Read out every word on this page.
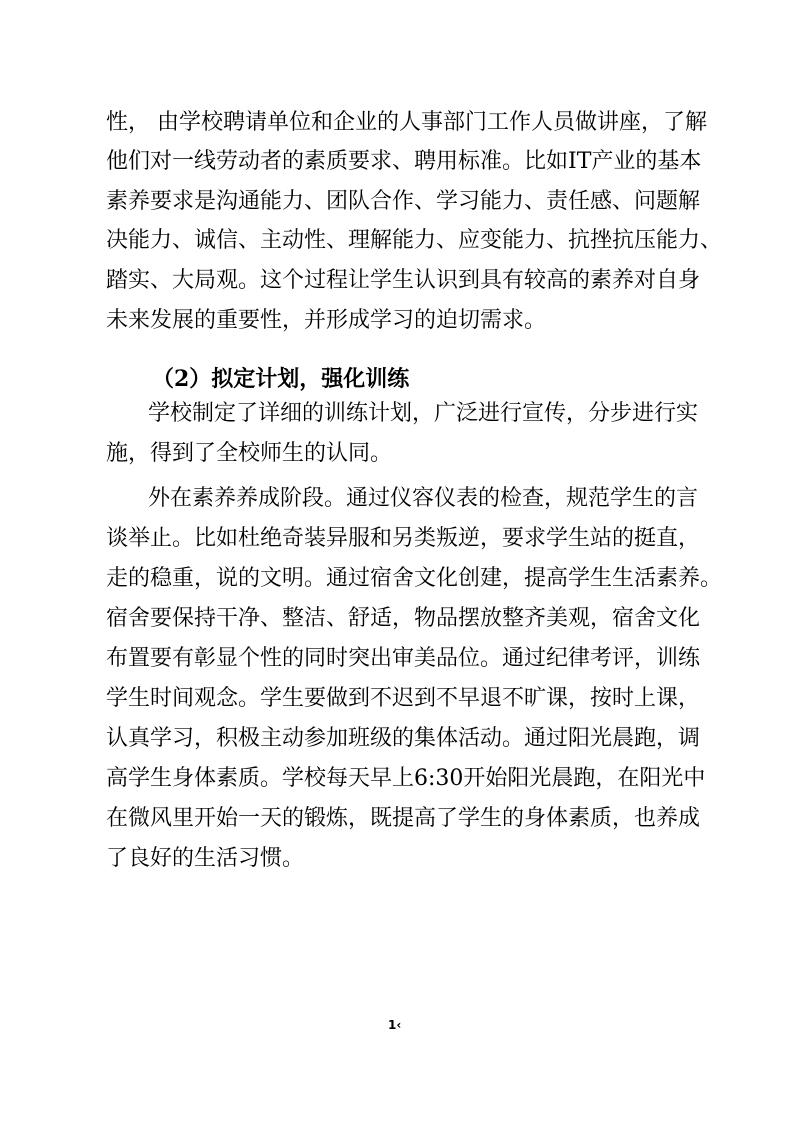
性， 由学校聘请单位和企业的人事部门工作人员做讲座，了解
他们对一线劳动者的素质要求、聘用标准。比如IT产业的基本
素养要求是沟通能力、团队合作、学习能力、责任感、问题解
决能力、诚信、主动性、理解能力、应变能力、抗挫抗压能力、
踏实、大局观。这个过程让学生认识到具有较高的素养对自身
未来发展的重要性，并形成学习的迫切需求。
（2）拟定计划，强化训练
学校制定了详细的训练计划，广泛进行宣传，分步进行实
施，得到了全校师生的认同。
外在素养养成阶段。通过仪容仪表的检查，规范学生的言
谈举止。比如杜绝奇装异服和另类叛逆，要求学生站的挺直，
走的稳重，说的文明。通过宿舍文化创建，提高学生生活素养。
宿舍要保持干净、整洁、舒适，物品摆放整齐美观，宿舍文化
布置要有彰显个性的同时突出审美品位。通过纪律考评，训练
学生时间观念。学生要做到不迟到不早退不旷课，按时上课，
认真学习，积极主动参加班级的集体活动。通过阳光晨跑，调
高学生身体素质。学校每天早上6:30开始阳光晨跑，在阳光中
在微风里开始一天的锻炼，既提高了学生的身体素质，也养成
了良好的生活习惯。
1‹
